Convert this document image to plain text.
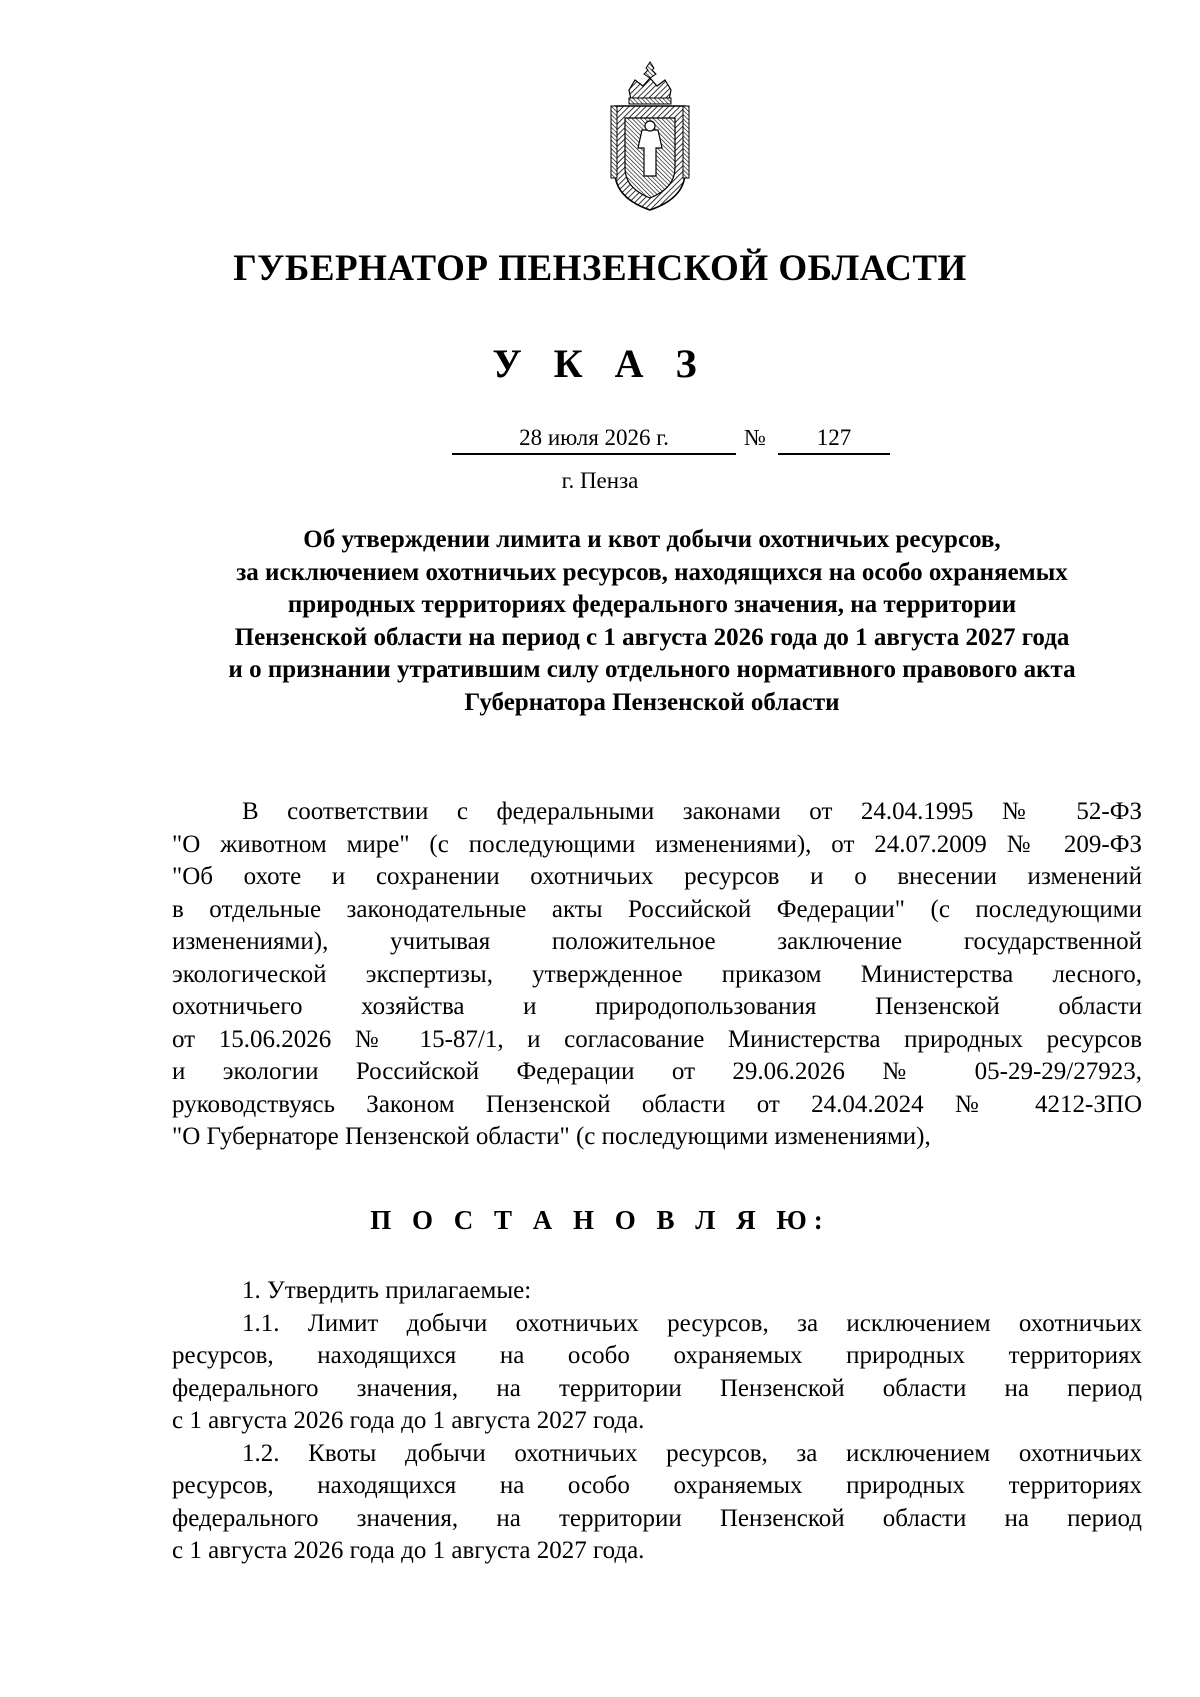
ГУБЕРНАТОР ПЕНЗЕНСКОЙ ОБЛАСТИ
У К А З
28 июля 2026 г.	№	127
г. Пенза
Об утверждении лимита и квот добычи охотничьих ресурсов,
за исключением охотничьих ресурсов, находящихся на особо охраняемых
природных территориях федерального значения, на территории
Пензенской области на период с 1 августа 2026 года до 1 августа 2027 года
и о признании утратившим силу отдельного нормативного правового акта
Губернатора Пензенской области
В соответствии с федеральными законами от 24.04.1995 № 52-ФЗ
"О животном мире" (с последующими изменениями), от 24.07.2009 № 209-ФЗ
"Об охоте и сохранении охотничьих ресурсов и о внесении изменений
в отдельные законодательные акты Российской Федерации" (с последующими
изменениями), учитывая положительное заключение государственной
экологической экспертизы, утвержденное приказом Министерства лесного,
охотничьего хозяйства и природопользования Пензенской области
от 15.06.2026 № 15-87/1, и согласование Министерства природных ресурсов
и экологии Российской Федерации от 29.06.2026 № 05-29-29/27923,
руководствуясь Законом Пензенской области от 24.04.2024 № 4212-ЗПО
"О Губернаторе Пензенской области" (с последующими изменениями),
П О С Т А Н О В Л Я Ю:
1. Утвердить прилагаемые:
1.1. Лимит добычи охотничьих ресурсов, за исключением охотничьих
ресурсов, находящихся на особо охраняемых природных территориях
федерального значения, на территории Пензенской области на период
с 1 августа 2026 года до 1 августа 2027 года.
1.2. Квоты добычи охотничьих ресурсов, за исключением охотничьих
ресурсов, находящихся на особо охраняемых природных территориях
федерального значения, на территории Пензенской области на период
с 1 августа 2026 года до 1 августа 2027 года.
